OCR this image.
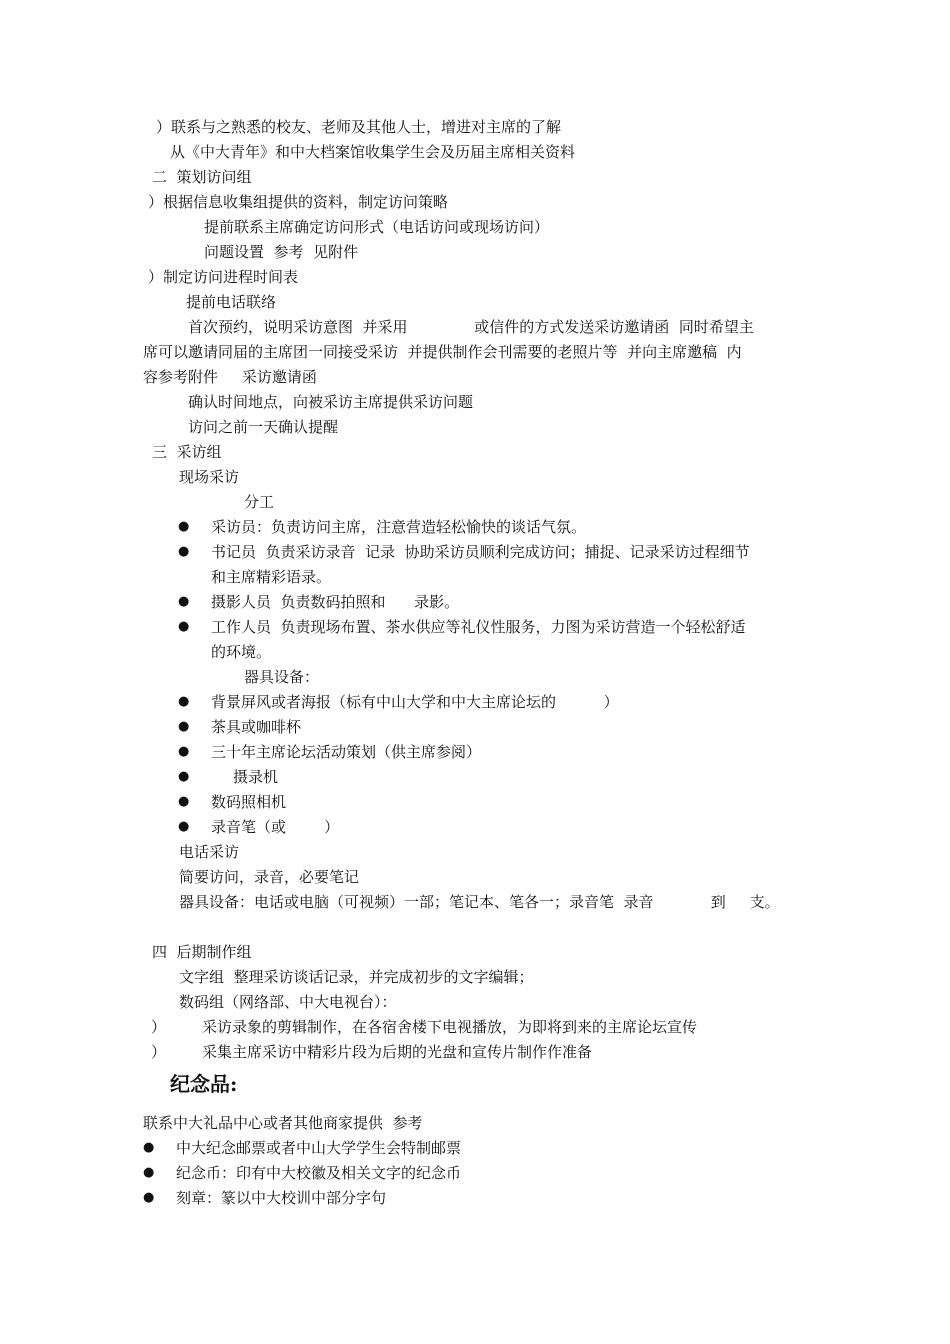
）联系与之熟悉的校友、老师及其他人士，增进对主席的了解
从《中大青年》和中大档案馆收集学生会及历届主席相关资料
二  策划访问组
）根据信息收集组提供的资料，制定访问策略
提前联系主席确定访问形式（电话访问或现场访问）
问题设置  参考  见附件
）制定访问进程时间表
提前电话联络
首次预约，说明采访意图  并采用              或信件的方式发送采访邀请函  同时希望主
席可以邀请同届的主席团一同接受采访  并提供制作会刊需要的老照片等  并向主席邀稿  内
容参考附件     采访邀请函
确认时间地点，向被采访主席提供采访问题
访问之前一天确认提醒
三  采访组
现场采访
分工
● 采访员：负责访问主席，注意营造轻松愉快的谈话气氛。
● 书记员  负责采访录音  记录  协助采访员顺利完成访问；捕捉、记录采访过程细节
和主席精彩语录。
● 摄影人员  负责数码拍照和      录影。
● 工作人员  负责现场布置、茶水供应等礼仪性服务，力图为采访营造一个轻松舒适
的环境。
器具设备：
● 背景屏风或者海报（标有中山大学和中大主席论坛的          ）
● 茶具或咖啡杯
● 三十年主席论坛活动策划（供主席参阅）
●	摄录机
● 数码照相机
● 录音笔（或        ）
电话采访
简要访问，录音，必要笔记
器具设备：电话或电脑（可视频）一部；笔记本、笔各一；录音笔  录音            到     支。
四  后期制作组
文字组  整理采访谈话记录，并完成初步的文字编辑；
数码组（网络部、中大电视台）：
） 采访录象的剪辑制作，在各宿舍楼下电视播放，为即将到来的主席论坛宣传
） 采集主席采访中精彩片段为后期的光盘和宣传片制作作准备
纪念品:
联系中大礼品中心或者其他商家提供  参考
● 中大纪念邮票或者中山大学学生会特制邮票
● 纪念币：印有中大校徽及相关文字的纪念币
● 刻章：篆以中大校训中部分字句
